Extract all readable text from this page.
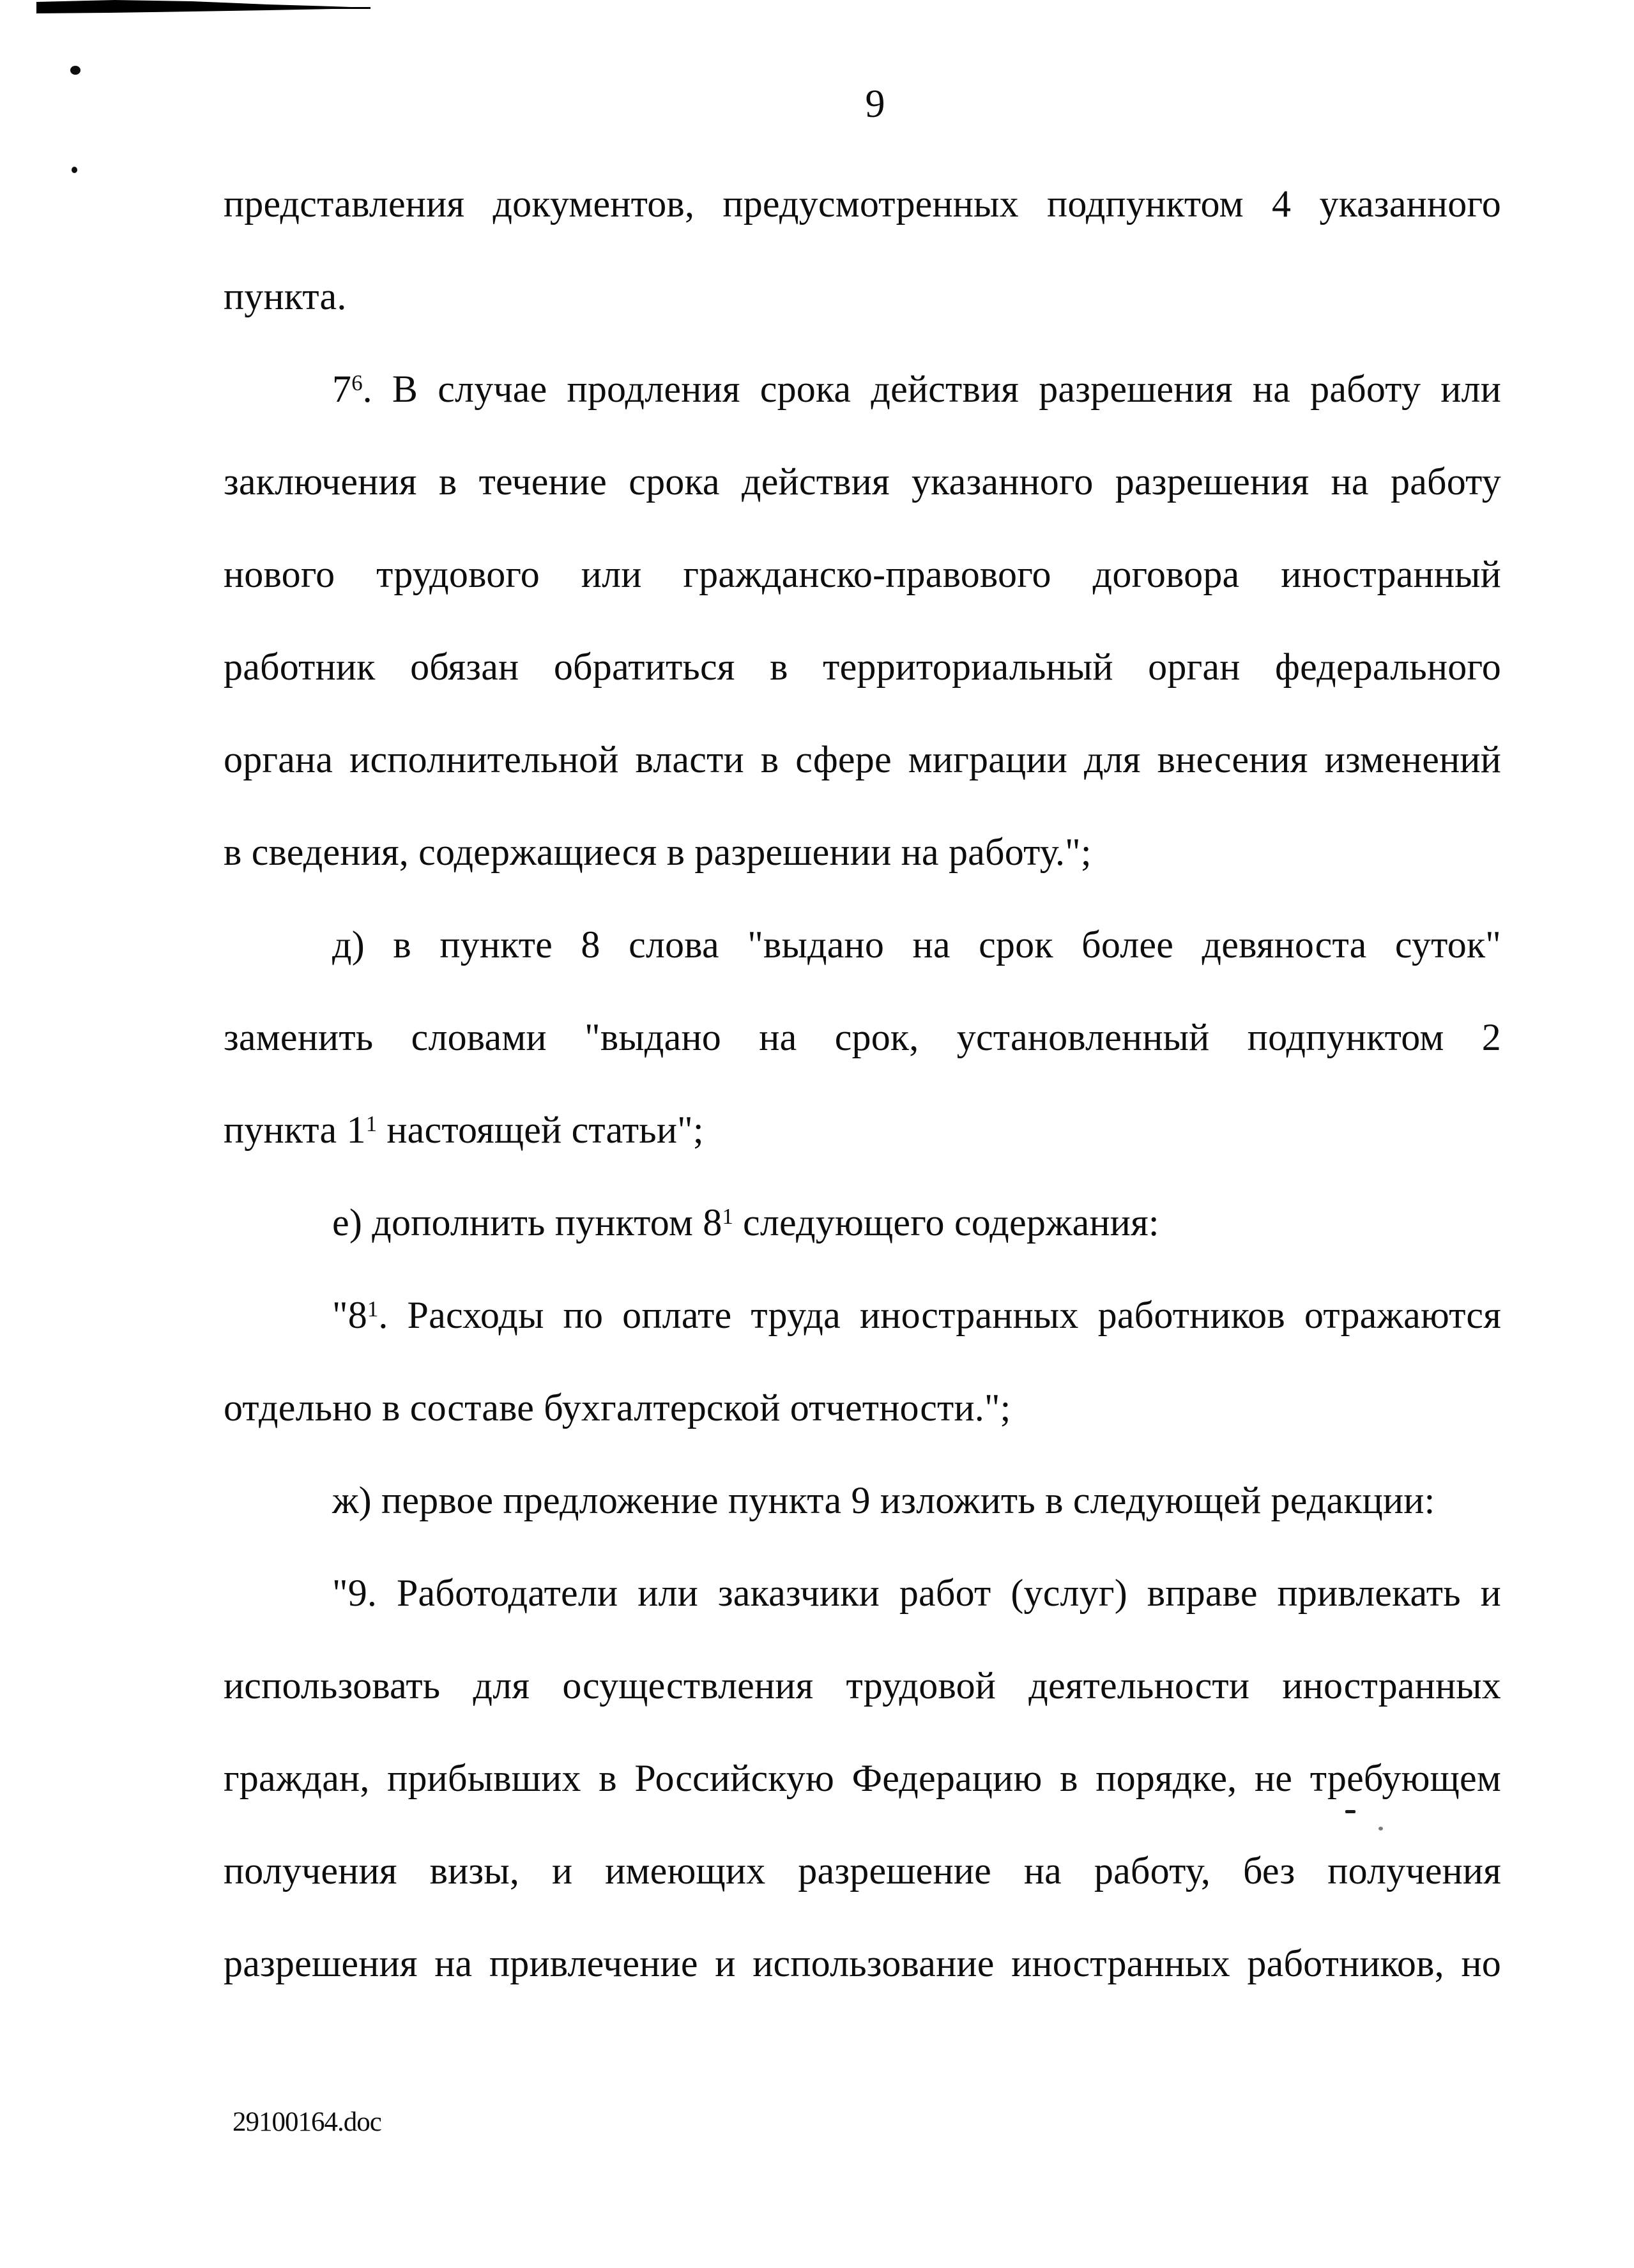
9
представления документов, предусмотренных подпунктом 4 указанного
пункта.
$7^6$. В случае продления срока действия разрешения на работу или
заключения в течение срока действия указанного разрешения на работу
нового трудового или гражданско-правового договора иностранный
работник обязан обратиться в территориальный орган федерального
органа исполнительной власти в сфере миграции для внесения изменений
в сведения, содержащиеся в разрешении на работу.";
д) в пункте 8 слова "выдано на срок более девяноста суток"
заменить словами "выдано на срок, установленный подпунктом 2
пункта $1^1$ настоящей статьи";
е) дополнить пунктом $8^1$ следующего содержания:
"$8^1$. Расходы по оплате труда иностранных работников отражаются
отдельно в составе бухгалтерской отчетности.";
ж) первое предложение пункта 9 изложить в следующей редакции:
"9. Работодатели или заказчики работ (услуг) вправе привлекать и
использовать для осуществления трудовой деятельности иностранных
граждан, прибывших в Российскую Федерацию в порядке, не требующем
получения визы, и имеющих разрешение на работу, без получения
разрешения на привлечение и использование иностранных работников, но
29100164.doc
